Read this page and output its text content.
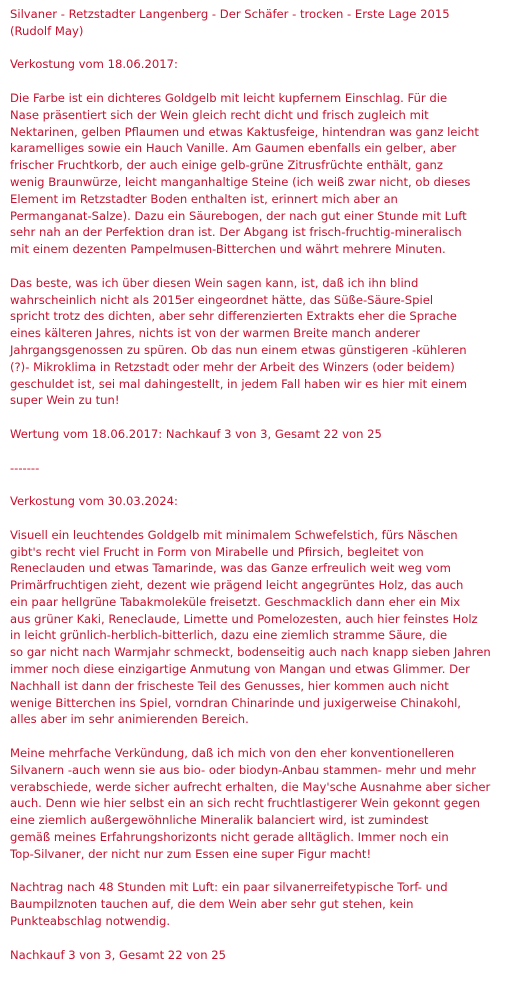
Silvaner - Retzstadter Langenberg - Der Schäfer - trocken - Erste Lage 2015
(Rudolf May)
Verkostung vom 18.06.2017:
Die Farbe ist ein dichteres Goldgelb mit leicht kupfernem Einschlag. Für die
Nase präsentiert sich der Wein gleich recht dicht und frisch zugleich mit
Nektarinen, gelben Pflaumen und etwas Kaktusfeige, hintendran was ganz leicht
karamelliges sowie ein Hauch Vanille. Am Gaumen ebenfalls ein gelber, aber
frischer Fruchtkorb, der auch einige gelb-grüne Zitrusfrüchte enthält, ganz
wenig Braunwürze, leicht manganhaltige Steine (ich weiß zwar nicht, ob dieses
Element im Retzstadter Boden enthalten ist, erinnert mich aber an
Permanganat-Salze). Dazu ein Säurebogen, der nach gut einer Stunde mit Luft
sehr nah an der Perfektion dran ist. Der Abgang ist frisch-fruchtig-mineralisch
mit einem dezenten Pampelmusen-Bitterchen und währt mehrere Minuten.
Das beste, was ich über diesen Wein sagen kann, ist, daß ich ihn blind
wahrscheinlich nicht als 2015er eingeordnet hätte, das Süße-Säure-Spiel
spricht trotz des dichten, aber sehr differenzierten Extrakts eher die Sprache
eines kälteren Jahres, nichts ist von der warmen Breite manch anderer
Jahrgangsgenossen zu spüren. Ob das nun einem etwas günstigeren -kühleren
(?)- Mikroklima in Retzstadt oder mehr der Arbeit des Winzers (oder beidem)
geschuldet ist, sei mal dahingestellt, in jedem Fall haben wir es hier mit einem
super Wein zu tun!
Wertung vom 18.06.2017: Nachkauf 3 von 3, Gesamt 22 von 25
-------
Verkostung vom 30.03.2024:
Visuell ein leuchtendes Goldgelb mit minimalem Schwefelstich, fürs Näschen
gibt's recht viel Frucht in Form von Mirabelle und Pfirsich, begleitet von
Reneclauden und etwas Tamarinde, was das Ganze erfreulich weit weg vom
Primärfruchtigen zieht, dezent wie prägend leicht angegrüntes Holz, das auch
ein paar hellgrüne Tabakmoleküle freisetzt. Geschmacklich dann eher ein Mix
aus grüner Kaki, Reneclaude, Limette und Pomelozesten, auch hier feinstes Holz
in leicht grünlich-herblich-bitterlich, dazu eine ziemlich stramme Säure, die
so gar nicht nach Warmjahr schmeckt, bodenseitig auch nach knapp sieben Jahren
immer noch diese einzigartige Anmutung von Mangan und etwas Glimmer. Der
Nachhall ist dann der frischeste Teil des Genusses, hier kommen auch nicht
wenige Bitterchen ins Spiel, vorndran Chinarinde und juxigerweise Chinakohl,
alles aber im sehr animierenden Bereich.
Meine mehrfache Verkündung, daß ich mich von den eher konventionelleren
Silvanern -auch wenn sie aus bio- oder biodyn-Anbau stammen- mehr und mehr
verabschiede, werde sicher aufrecht erhalten, die May'sche Ausnahme aber sicher
auch. Denn wie hier selbst ein an sich recht fruchtlastigerer Wein gekonnt gegen
eine ziemlich außergewöhnliche Mineralik balanciert wird, ist zumindest
gemäß meines Erfahrungshorizonts nicht gerade alltäglich. Immer noch ein
Top-Silvaner, der nicht nur zum Essen eine super Figur macht!
Nachtrag nach 48 Stunden mit Luft: ein paar silvanerreifetypische Torf- und
Baumpilznoten tauchen auf, die dem Wein aber sehr gut stehen, kein
Punkteabschlag notwendig.
Nachkauf 3 von 3, Gesamt 22 von 25
